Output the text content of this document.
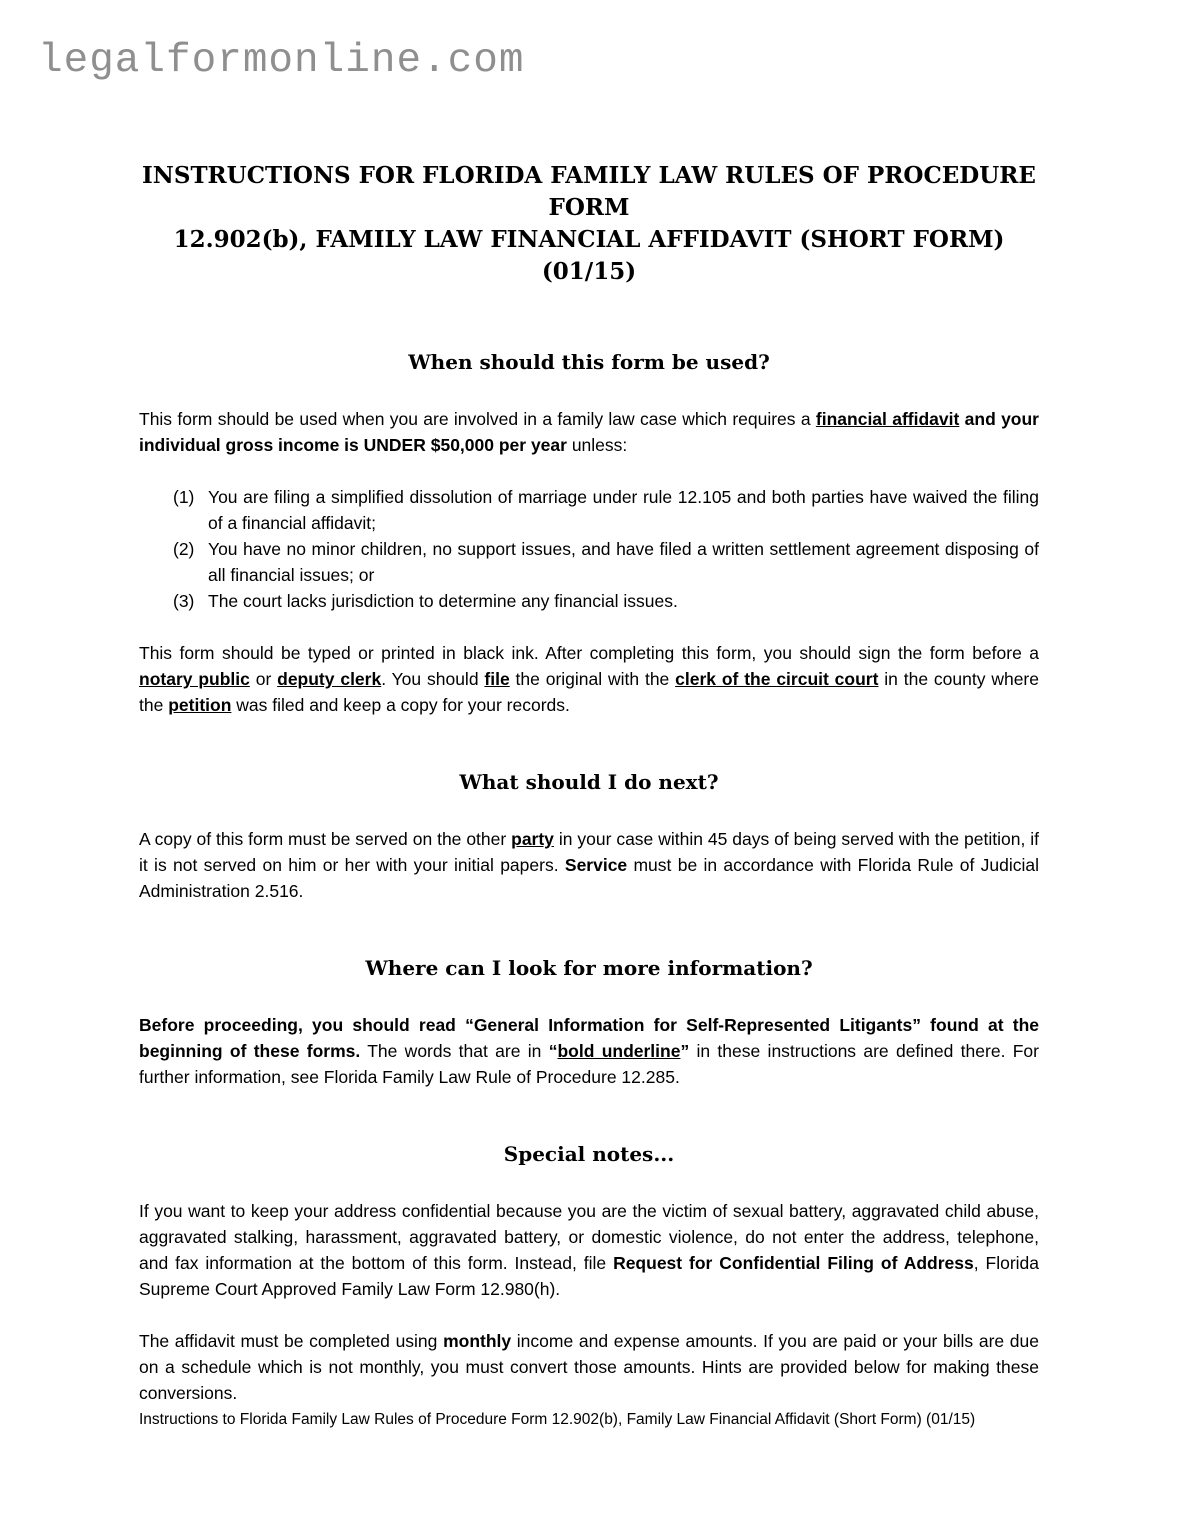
legalformonline.com
INSTRUCTIONS FOR FLORIDA FAMILY LAW RULES OF PROCEDURE FORM
12.902(b), FAMILY LAW FINANCIAL AFFIDAVIT (SHORT FORM) (01/15)
When should this form be used?

This form should be used when you are involved in a family law case which requires a financial affidavit and your individual gross income is UNDER $50,000 per year unless:

(1) You are filing a simplified dissolution of marriage under rule 12.105 and both parties have waived the filing of a financial affidavit;
(2) You have no minor children, no support issues, and have filed a written settlement agreement disposing of all financial issues; or
(3) The court lacks jurisdiction to determine any financial issues.

This form should be typed or printed in black ink. After completing this form, you should sign the form before a notary public or deputy clerk. You should file the original with the clerk of the circuit court in the county where the petition was filed and keep a copy for your records.

What should I do next?

A copy of this form must be served on the other party in your case within 45 days of being served with the petition, if it is not served on him or her with your initial papers. Service must be in accordance with Florida Rule of Judicial Administration 2.516.

Where can I look for more information?

Before proceeding, you should read “General Information for Self-Represented Litigants” found at the beginning of these forms. The words that are in “bold underline” in these instructions are defined there. For further information, see Florida Family Law Rule of Procedure 12.285.

Special notes...

If you want to keep your address confidential because you are the victim of sexual battery, aggravated child abuse, aggravated stalking, harassment, aggravated battery, or domestic violence, do not enter the address, telephone, and fax information at the bottom of this form. Instead, file Request for Confidential Filing of Address, Florida Supreme Court Approved Family Law Form 12.980(h).

The affidavit must be completed using monthly income and expense amounts. If you are paid or your bills are due on a schedule which is not monthly, you must convert those amounts. Hints are provided below for making these conversions.

Instructions to Florida Family Law Rules of Procedure Form 12.902(b), Family Law Financial Affidavit (Short Form) (01/15)
